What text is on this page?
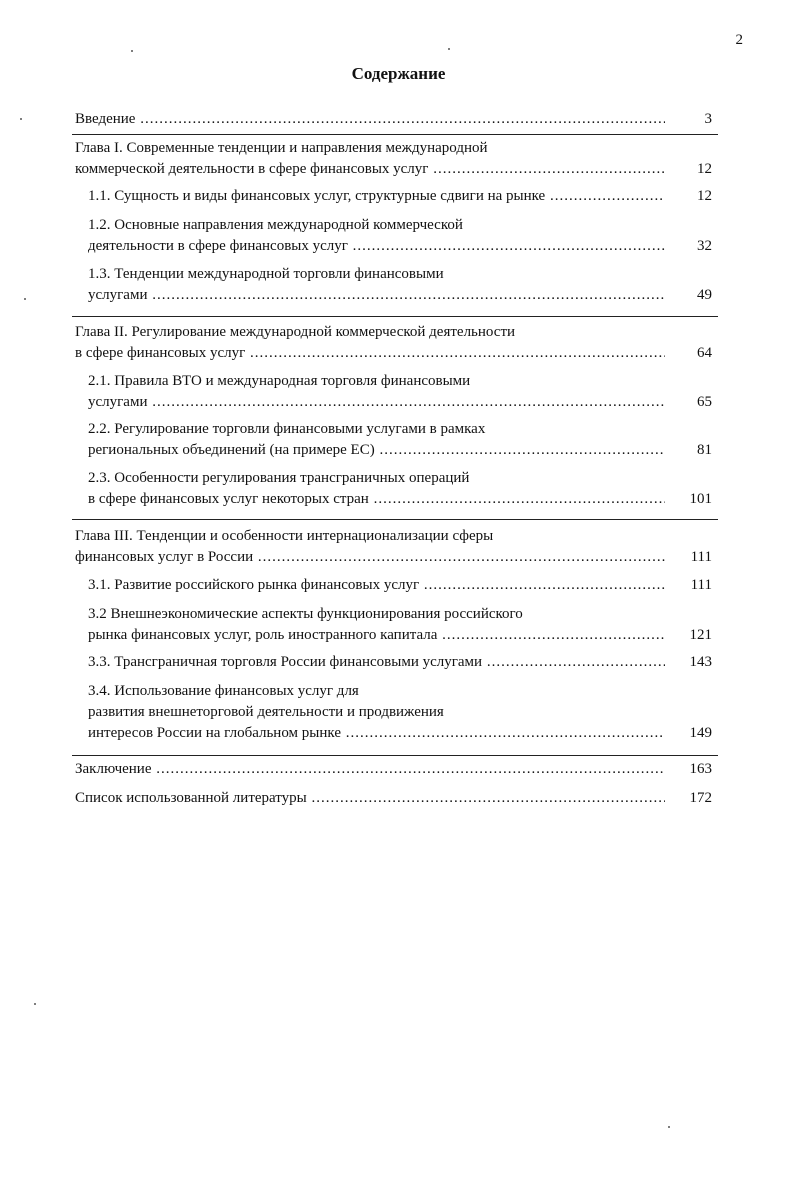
2
Содержание
Введение .....	3
Глава I. Современные тенденции и направления международной
коммерческой деятельности в сфере финансовых услуг .....	12
1.1. Сущность и виды финансовых услуг, структурные сдвиги на рынке .....	12
1.2. Основные направления международной коммерческой
деятельности в сфере финансовых услуг .....	32
1.3. Тенденции международной торговли финансовыми
услугами .....	49
Глава II. Регулирование международной коммерческой деятельности
в сфере финансовых услуг .....	64
2.1. Правила ВТО и международная торговля финансовыми
услугами .....	65
2.2. Регулирование торговли финансовыми услугами в рамках
региональных объединений (на примере ЕС) .....	81
2.3. Особенности регулирования трансграничных операций
в сфере финансовых услуг некоторых стран .....	101
Глава III. Тенденции и особенности интернационализации сферы
финансовых услуг в России .....	111
3.1. Развитие российского рынка финансовых услуг .....	111
3.2 Внешнеэкономические аспекты функционирования российского
рынка финансовых услуг, роль иностранного капитала .....	121
3.3. Трансграничная торговля России финансовыми услугами .....	143
3.4. Использование финансовых услуг для
развития внешнеторговой деятельности и продвижения
интересов России на глобальном рынке .....	149
Заключение .....	163
Список использованной литературы .....	172
